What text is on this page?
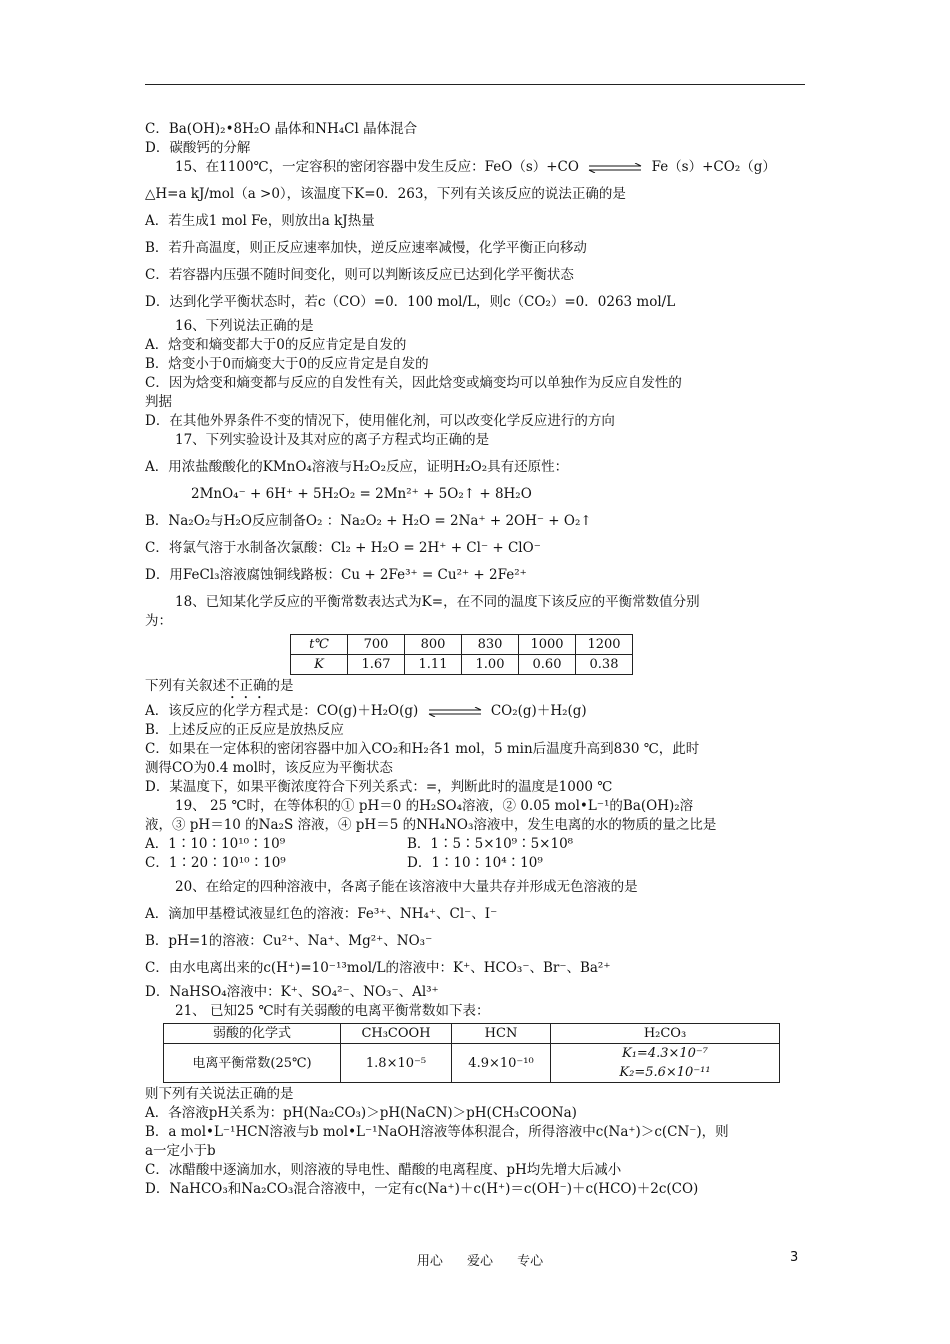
C．Ba(OH)₂•8H₂O 晶体和NH₄Cl 晶体混合
D．碳酸钙的分解
15、在1100℃，一定容积的密闭容器中发生反应：FeO（s）+CO	Fe（s）+CO₂（g）
△H=a kJ/mol（a >0），该温度下K=0．263，下列有关该反应的说法正确的是
A．若生成1 mol Fe，则放出a kJ热量
B．若升高温度，则正反应速率加快，逆反应速率减慢，化学平衡正向移动
C．若容器内压强不随时间变化，则可以判断该反应已达到化学平衡状态
D．达到化学平衡状态时，若c（CO）=0．100 mol/L，则c（CO₂）=0．0263 mol/L
16、下列说法正确的是
A．焓变和熵变都大于0的反应肯定是自发的
B．焓变小于0而熵变大于0的反应肯定是自发的
C．因为焓变和熵变都与反应的自发性有关，因此焓变或熵变均可以单独作为反应自发性的
判据
D．在其他外界条件不变的情况下，使用催化剂，可以改变化学反应进行的方向
17、下列实验设计及其对应的离子方程式均正确的是
A．用浓盐酸酸化的KMnO₄溶液与H₂O₂反应，证明H₂O₂具有还原性：
2MnO₄⁻ + 6H⁺ + 5H₂O₂ = 2Mn²⁺ + 5O₂↑ + 8H₂O
B．Na₂O₂与H₂O反应制备O₂ ：Na₂O₂ + H₂O = 2Na⁺ + 2OH⁻ + O₂↑
C．将氯气溶于水制备次氯酸：Cl₂ + H₂O = 2H⁺ + Cl⁻ + ClO⁻
D．用FeCl₃溶液腐蚀铜线路板：Cu + 2Fe³⁺ = Cu²⁺ + 2Fe²⁺
18、已知某化学反应的平衡常数表达式为K=，在不同的温度下该反应的平衡常数值分别
为：
t℃	700	800	830	1000	1200
K	1.67	1.11	1.00	0.60	0.38
下列有关叙述不正确的是
A．该反应的化学方程式是：CO(g)＋H₂O(g)	CO₂(g)＋H₂(g)
B．上述反应的正反应是放热反应
C．如果在一定体积的密闭容器中加入CO₂和H₂各1 mol，5 min后温度升高到830 ℃，此时
测得CO为0.4 mol时，该反应为平衡状态
D．某温度下，如果平衡浓度符合下列关系式：=，判断此时的温度是1000 ℃
19、 25 ℃时，在等体积的① pH＝0 的H₂SO₄溶液，② 0.05 mol•L⁻¹的Ba(OH)₂溶
液，③ pH＝10 的Na₂S 溶液，④ pH＝5 的NH₄NO₃溶液中，发生电离的水的物质的量之比是
A．1∶10∶10¹⁰∶10⁹	B．1∶5∶5×10⁹∶5×10⁸
C．1∶20∶10¹⁰∶10⁹	D．1∶10∶10⁴∶10⁹
20、在给定的四种溶液中，各离子能在该溶液中大量共存并形成无色溶液的是
A．滴加甲基橙试液显红色的溶液：Fe³⁺、NH₄⁺、Cl⁻、I⁻
B．pH=1的溶液：Cu²⁺、Na⁺、Mg²⁺、NO₃⁻
C．由水电离出来的c(H⁺)=10⁻¹³mol/L的溶液中：K⁺、HCO₃⁻、Br⁻、Ba²⁺
D．NaHSO₄溶液中：K⁺、SO₄²⁻、NO₃⁻、Al³⁺
21、 已知25 ℃时有关弱酸的电离平衡常数如下表：
弱酸的化学式	CH₃COOH	HCN	H₂CO₃
电离平衡常数(25℃)	1.8×10⁻⁵	4.9×10⁻¹⁰	K₁=4.3×10⁻⁷
K₂=5.6×10⁻¹¹
则下列有关说法正确的是
A．各溶液pH关系为：pH(Na₂CO₃)＞pH(NaCN)＞pH(CH₃COONa)
B．a mol•L⁻¹HCN溶液与b mol•L⁻¹NaOH溶液等体积混合，所得溶液中c(Na⁺)＞c(CN⁻)，则
a一定小于b
C．冰醋酸中逐滴加水，则溶液的导电性、醋酸的电离程度、pH均先增大后减小
D．NaHCO₃和Na₂CO₃混合溶液中，一定有c(Na⁺)＋c(H⁺)＝c(OH⁻)＋c(HCO)＋2c(CO)
用心 爱心 专心	3
